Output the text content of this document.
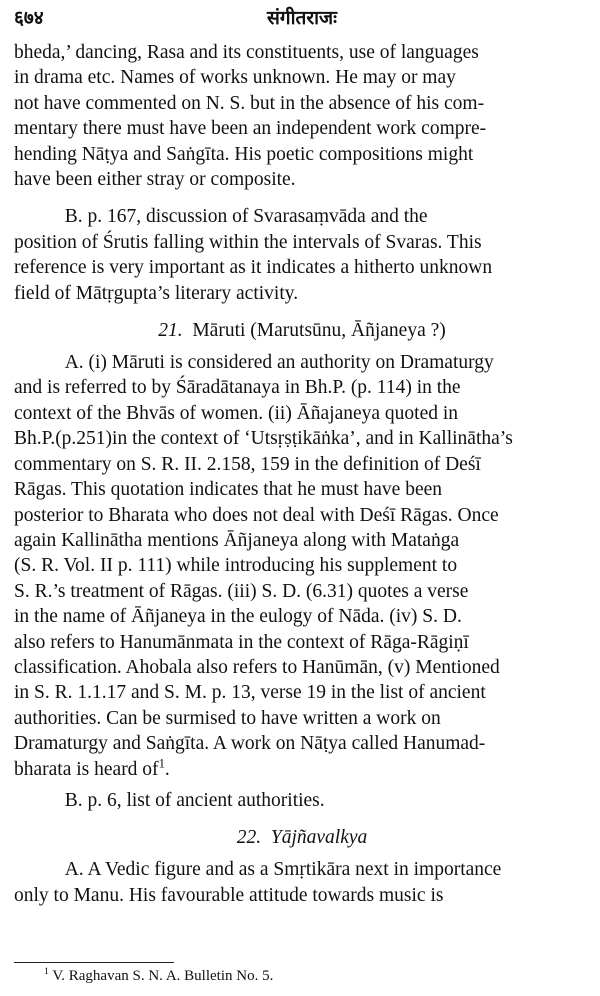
६७४	संगीतराजः
bheda,’ dancing, Rasa and its constituents, use of languages
in drama etc. Names of works unknown. He may or may
not have commented on N. S. but in the absence of his com-
mentary there must have been an independent work compre-
hending Nāṭya and Saṅgīta. His poetic compositions might
have been either stray or composite.
B. p. 167, discussion of Svarasaṃvāda and the
position of Śrutis falling within the intervals of Svaras. This
reference is very important as it indicates a hitherto unknown
field of Mātṛgupta’s literary activity.
21. Māruti (Marutsūnu, Āñjaneya ?)
A. (i) Māruti is considered an authority on Dramaturgy
and is referred to by Śāradātanaya in Bh.P. (p. 114) in the
context of the Bhvās of women. (ii) Āñajaneya quoted in
Bh.P.(p.251)in the context of ‘Utsṛṣṭikāṅka’, and in Kallinātha’s
commentary on S. R. II. 2.158, 159 in the definition of Deśī
Rāgas. This quotation indicates that he must have been
posterior to Bharata who does not deal with Deśī Rāgas. Once
again Kallinātha mentions Āñjaneya along with Mataṅga
(S. R. Vol. II p. 111) while introducing his supplement to
S. R.’s treatment of Rāgas. (iii) S. D. (6.31) quotes a verse
in the name of Āñjaneya in the eulogy of Nāda. (iv) S. D.
also refers to Hanumānmata in the context of Rāga-Rāgiṇī
classification. Ahobala also refers to Hanūmān, (v) Mentioned
in S. R. 1.1.17 and S. M. p. 13, verse 19 in the list of ancient
authorities. Can be surmised to have written a work on
Dramaturgy and Saṅgīta. A work on Nāṭya called Hanumad-
bharata is heard $of^1$.
B. p. 6, list of ancient authorities.
22. Yājñavalkya
A. A Vedic figure and as a Smṛtikāra next in importance
only to Manu. His favourable attitude towards music is
$^1$ V. Raghavan S. N. A. Bulletin No. 5.
